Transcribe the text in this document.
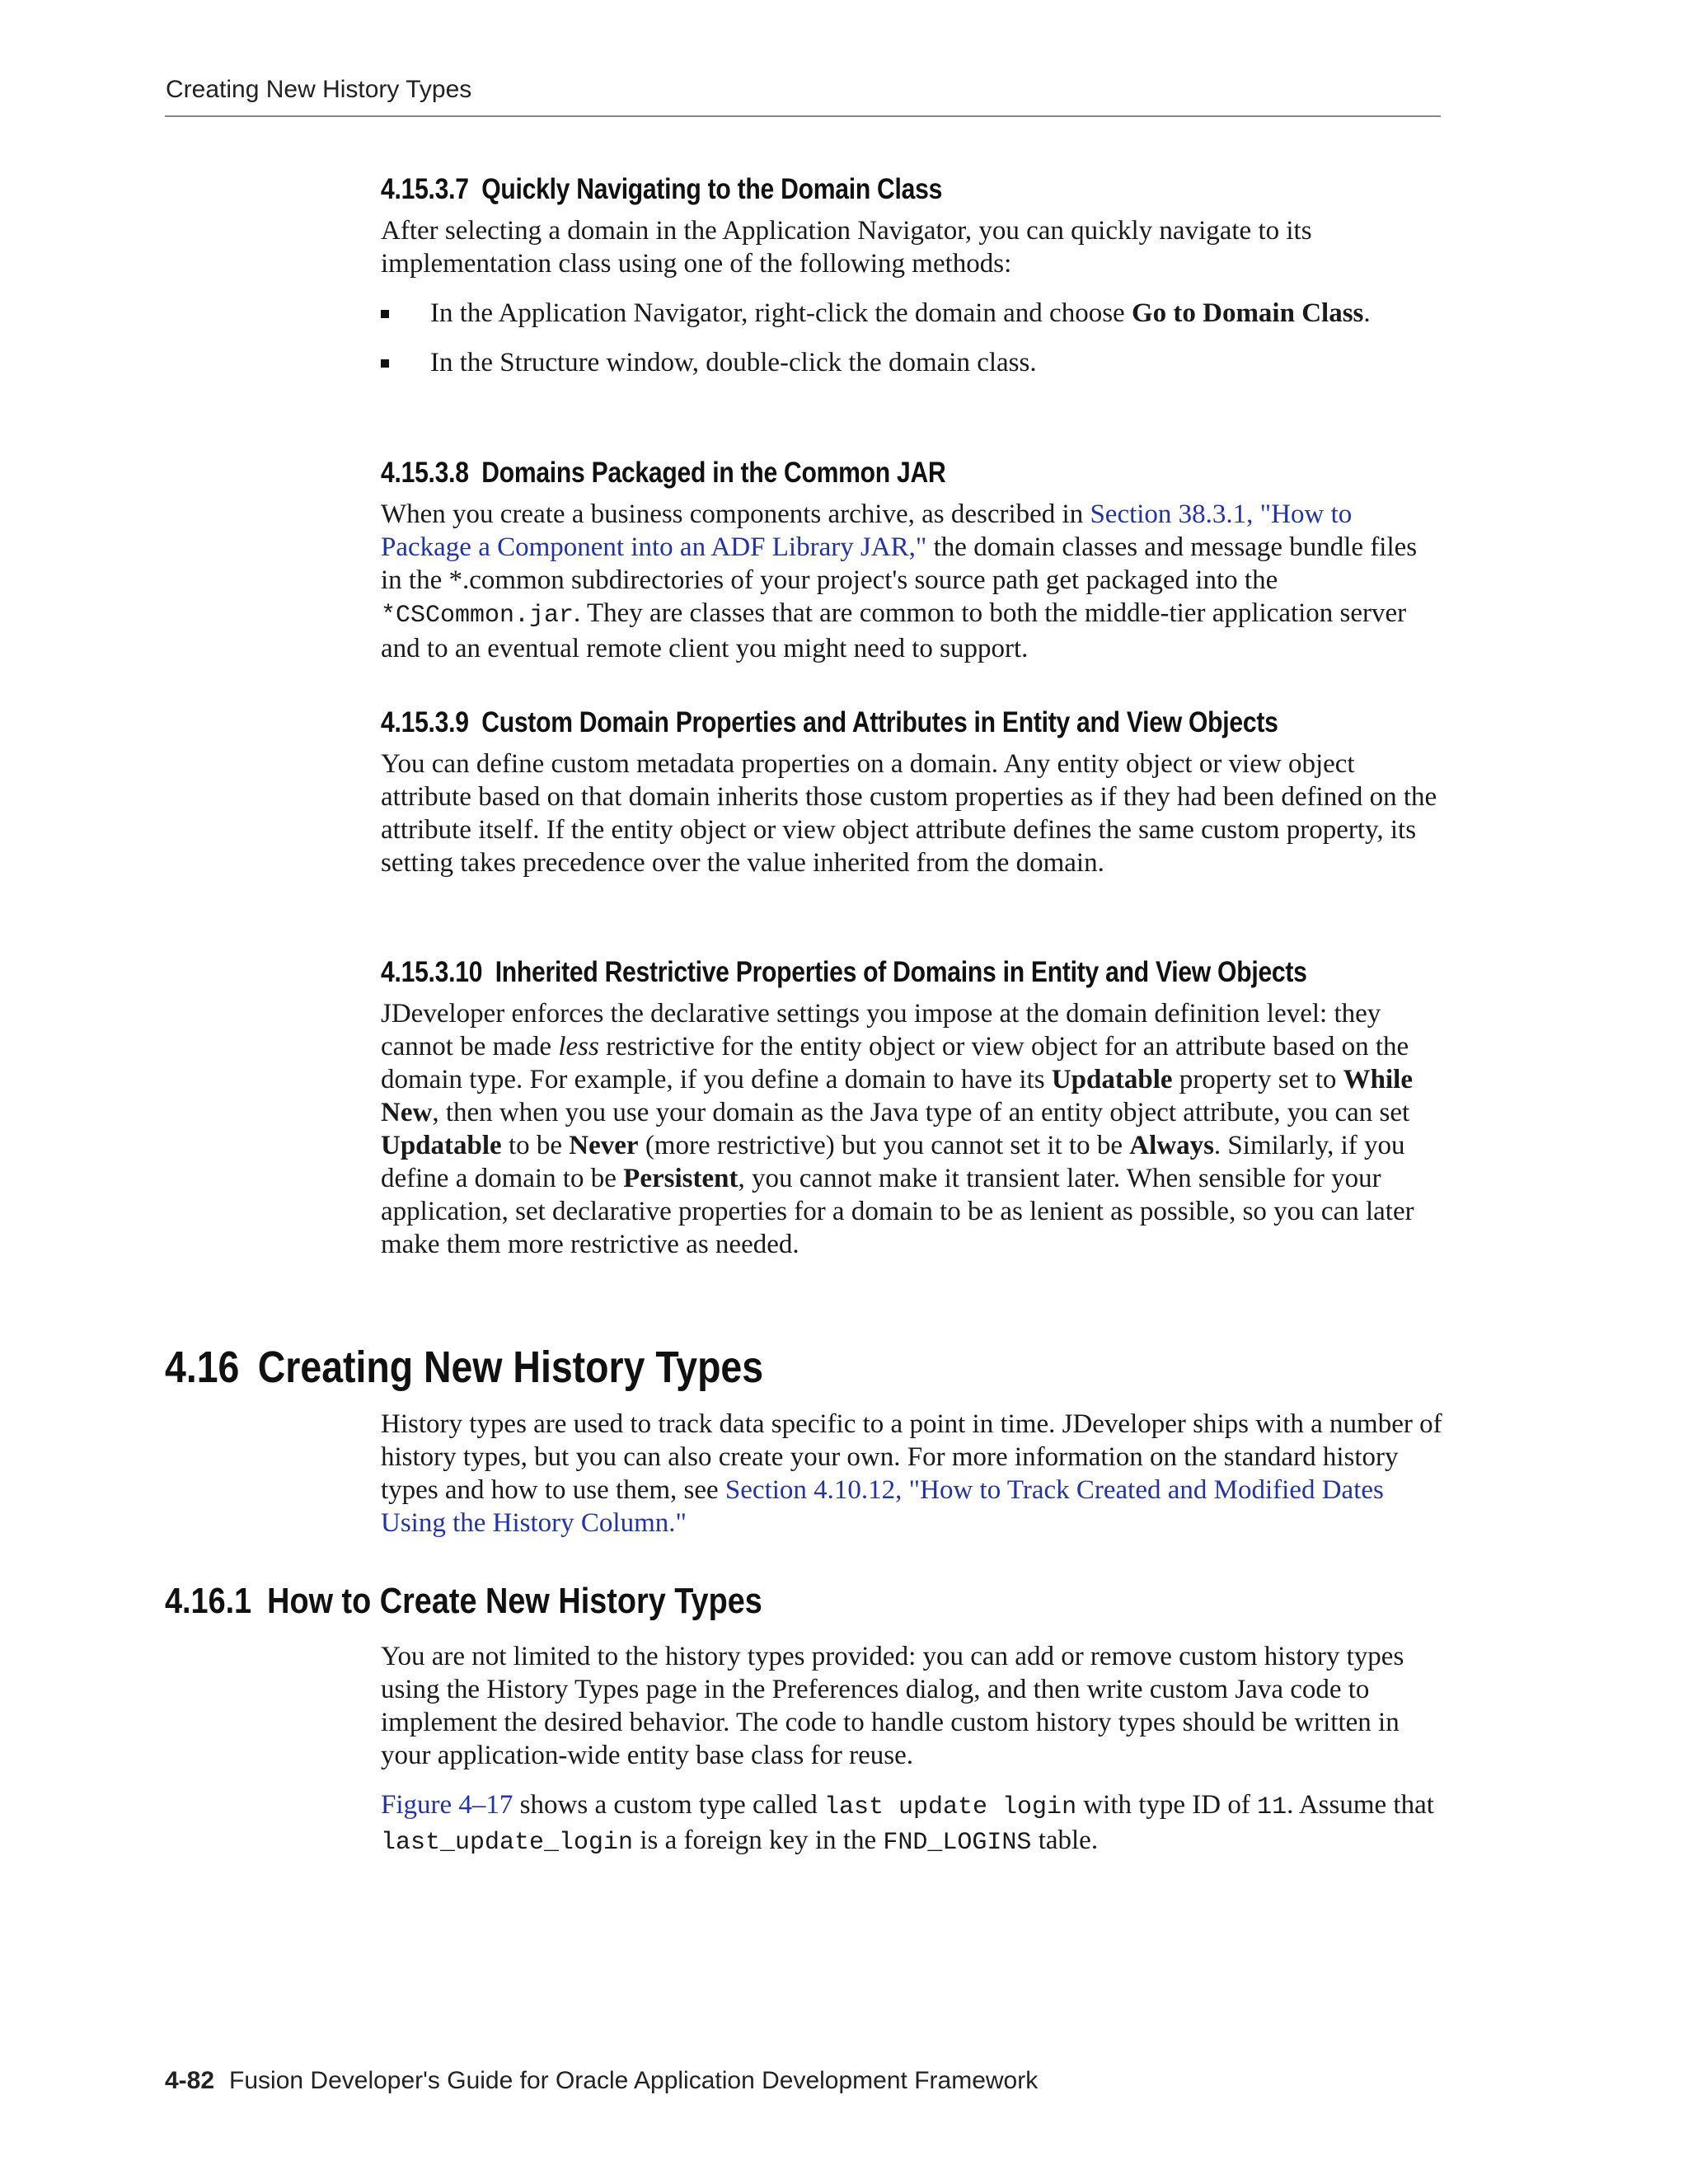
Creating New History Types
4.15.3.7 Quickly Navigating to the Domain Class

After selecting a domain in the Application Navigator, you can quickly navigate to its implementation class using one of the following methods:

In the Application Navigator, right-click the domain and choose Go to Domain Class.
In the Structure window, double-click the domain class.
4.15.3.8 Domains Packaged in the Common JAR

When you create a business components archive, as described in Section 38.3.1, "How to Package a Component into an ADF Library JAR," the domain classes and message bundle files in the *.common subdirectories of your project's source path get packaged into the *CSCommon.jar. They are classes that are common to both the middle-tier application server and to an eventual remote client you might need to support.

4.15.3.9 Custom Domain Properties and Attributes in Entity and View Objects

You can define custom metadata properties on a domain. Any entity object or view object attribute based on that domain inherits those custom properties as if they had been defined on the attribute itself. If the entity object or view object attribute defines the same custom property, its setting takes precedence over the value inherited from the domain.

4.15.3.10 Inherited Restrictive Properties of Domains in Entity and View Objects

JDeveloper enforces the declarative settings you impose at the domain definition level: they cannot be made less restrictive for the entity object or view object for an attribute based on the domain type. For example, if you define a domain to have its Updatable property set to While New, then when you use your domain as the Java type of an entity object attribute, you can set Updatable to be Never (more restrictive) but you cannot set it to be Always. Similarly, if you define a domain to be Persistent, you cannot make it transient later. When sensible for your application, set declarative properties for a domain to be as lenient as possible, so you can later make them more restrictive as needed.

4.16 Creating New History Types

History types are used to track data specific to a point in time. JDeveloper ships with a number of history types, but you can also create your own. For more information on the standard history types and how to use them, see Section 4.10.12, "How to Track Created and Modified Dates Using the History Column."

4.16.1 How to Create New History Types

You are not limited to the history types provided: you can add or remove custom history types using the History Types page in the Preferences dialog, and then write custom Java code to implement the desired behavior. The code to handle custom history types should be written in your application-wide entity base class for reuse.

Figure 4–17 shows a custom type called last update login with type ID of 11. Assume that last_update_login is a foreign key in the FND_LOGINS table.

4-82 Fusion Developer's Guide for Oracle Application Development Framework
